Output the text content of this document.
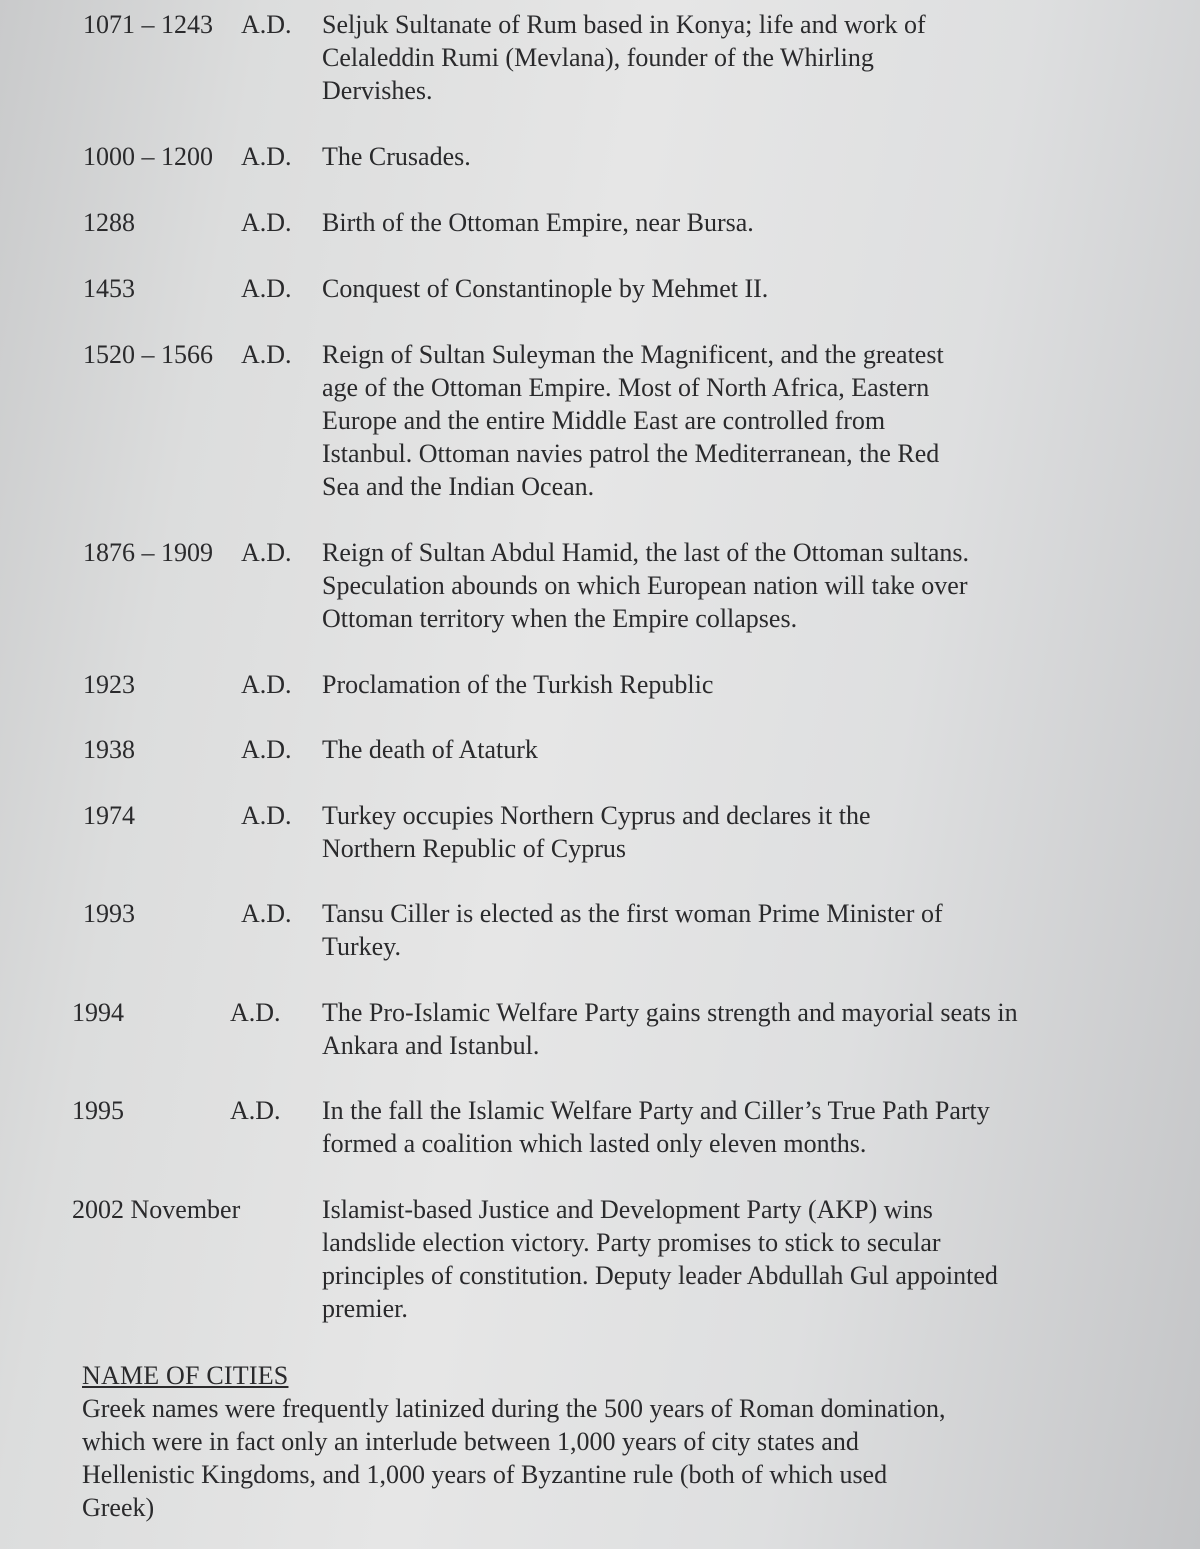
1071 – 1243 A.D. Seljuk Sultanate of Rum based in Konya; life and work of
Celaleddin Rumi (Mevlana), founder of the Whirling
Dervishes.
1000 – 1200 A.D. The Crusades.
1288	A.D. Birth of the Ottoman Empire, near Bursa.
1453	A.D. Conquest of Constantinople by Mehmet II.
1520 – 1566 A.D. Reign of Sultan Suleyman the Magnificent, and the greatest
age of the Ottoman Empire. Most of North Africa, Eastern
Europe and the entire Middle East are controlled from
Istanbul. Ottoman navies patrol the Mediterranean, the Red
Sea and the Indian Ocean.
1876 – 1909 A.D. Reign of Sultan Abdul Hamid, the last of the Ottoman sultans.
Speculation abounds on which European nation will take over
Ottoman territory when the Empire collapses.
1923	A.D. Proclamation of the Turkish Republic
1938	A.D. The death of Ataturk
1974	A.D. Turkey occupies Northern Cyprus and declares it the
Northern Republic of Cyprus
1993	A.D. Tansu Ciller is elected as the first woman Prime Minister of
Turkey.
1994	A.D. The Pro-Islamic Welfare Party gains strength and mayorial seats in
Ankara and Istanbul.
1995	A.D. In the fall the Islamic Welfare Party and Ciller’s True Path Party
formed a coalition which lasted only eleven months.
2002 November	Islamist-based Justice and Development Party (AKP) wins
landslide election victory. Party promises to stick to secular
principles of constitution. Deputy leader Abdullah Gul appointed
premier.
NAME OF CITIES
Greek names were frequently latinized during the 500 years of Roman domination,
which were in fact only an interlude between 1,000 years of city states and
Hellenistic Kingdoms, and 1,000 years of Byzantine rule (both of which used
Greek)
